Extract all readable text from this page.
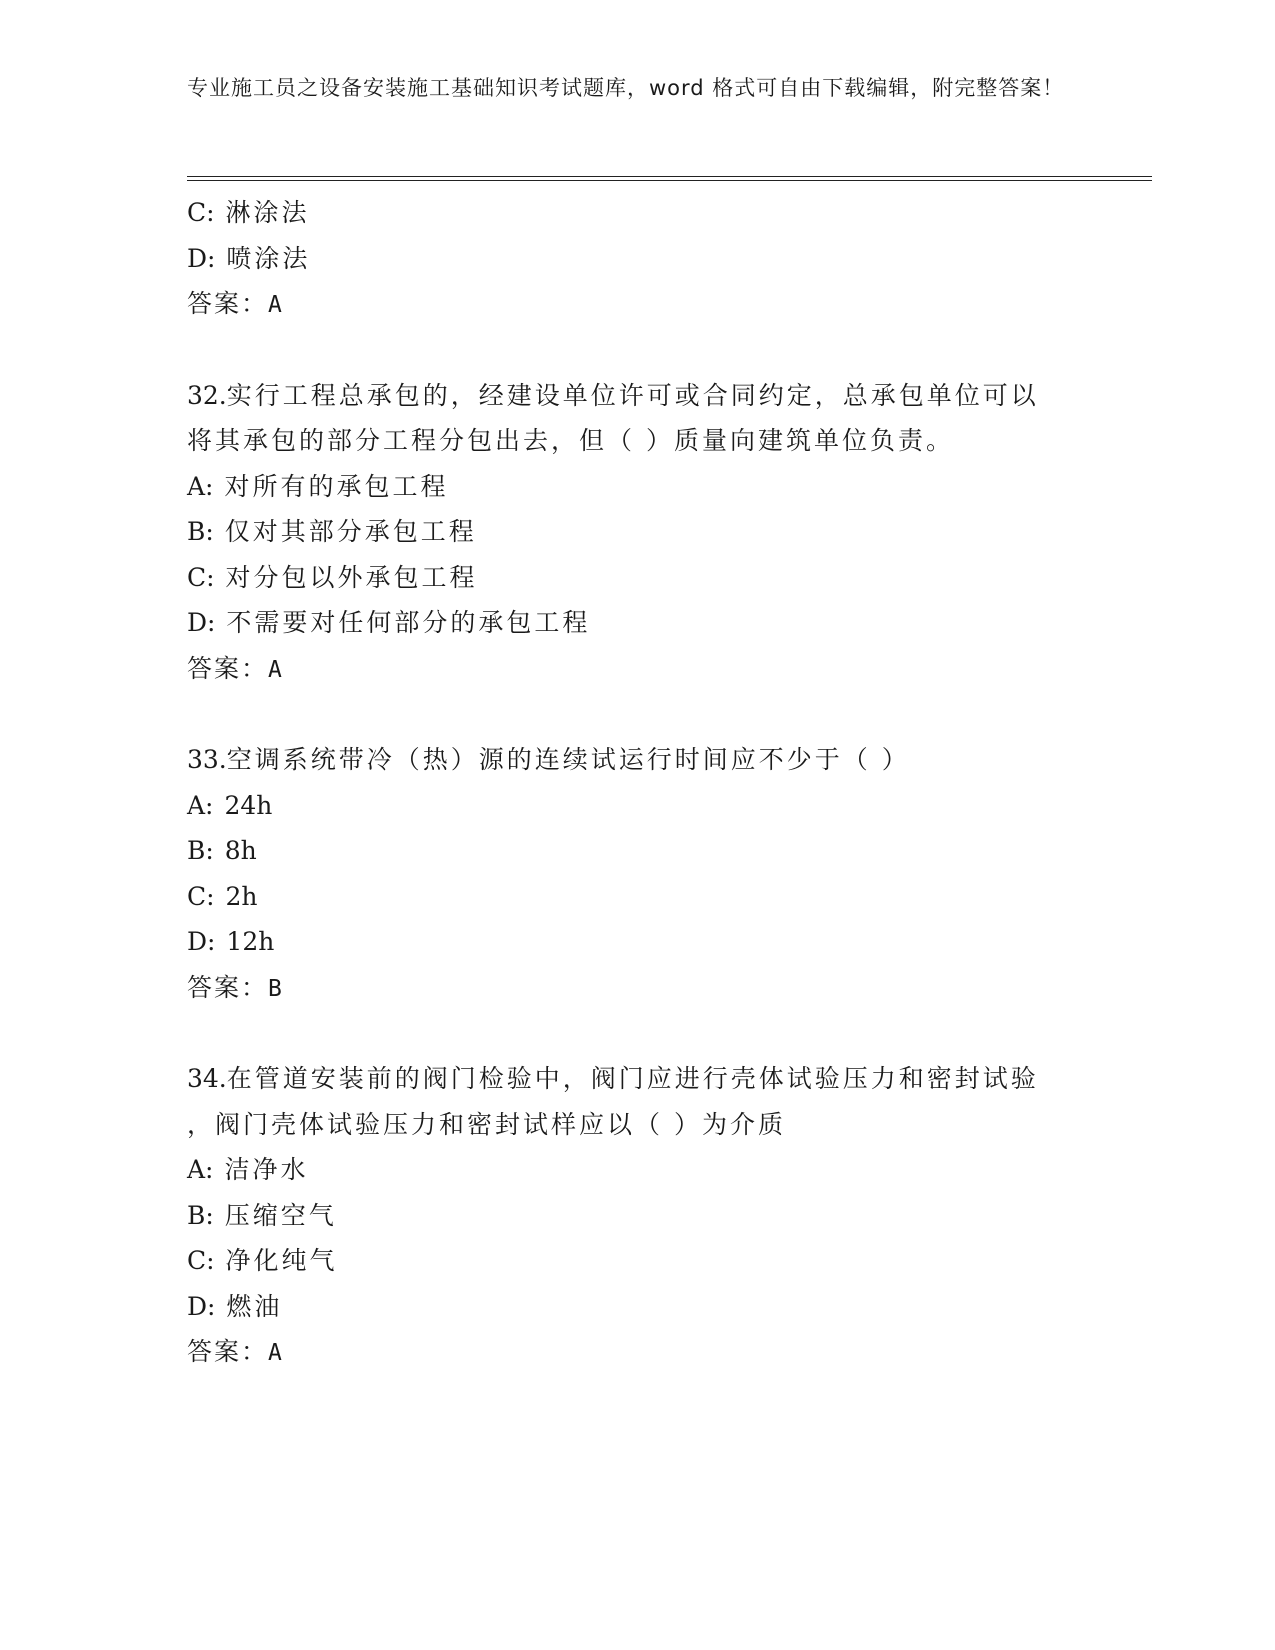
专业施工员之设备安装施工基础知识考试题库，word 格式可自由下载编辑，附完整答案！
C: 淋涂法
D: 喷涂法
答案：A
32.实行工程总承包的，经建设单位许可或合同约定，总承包单位可以
将其承包的部分工程分包出去，但（ ）质量向建筑单位负责。
A: 对所有的承包工程
B: 仅对其部分承包工程
C: 对分包以外承包工程
D: 不需要对任何部分的承包工程
答案：A
33.空调系统带冷（热）源的连续试运行时间应不少于（ ）
A: 24h
B: 8h
C: 2h
D: 12h
答案：B
34.在管道安装前的阀门检验中，阀门应进行壳体试验压力和密封试验
，阀门壳体试验压力和密封试样应以（ ）为介质
A: 洁净水
B: 压缩空气
C: 净化纯气
D: 燃油
答案：A
